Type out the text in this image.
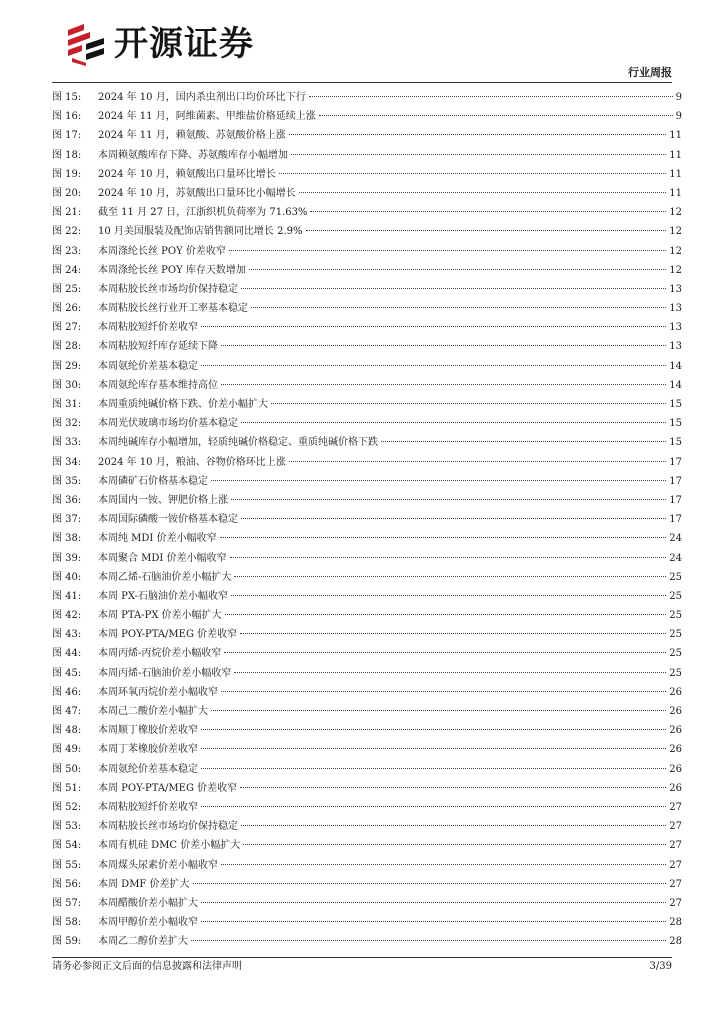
开源证券
行业周报
图 15:	2024 年 10 月，国内杀虫剂出口均价环比下行	9
图 16:	2024 年 11 月，阿维菌素、甲维盐价格延续上涨	9
图 17:	2024 年 11 月，赖氨酸、苏氨酸价格上涨	11
图 18:	本周赖氨酸库存下降、苏氨酸库存小幅增加	11
图 19:	2024 年 10 月，赖氨酸出口量环比增长	11
图 20:	2024 年 10 月，苏氨酸出口量环比小幅增长	11
图 21:	截至 11 月 27 日，江浙织机负荷率为 71.63%	12
图 22:	10 月美国服装及配饰店销售额同比增长 2.9%	12
图 23:	本周涤纶长丝 POY 价差收窄	12
图 24:	本周涤纶长丝 POY 库存天数增加	12
图 25:	本周粘胶长丝市场均价保持稳定	13
图 26:	本周粘胶长丝行业开工率基本稳定	13
图 27:	本周粘胶短纤价差收窄	13
图 28:	本周粘胶短纤库存延续下降	13
图 29:	本周氨纶价差基本稳定	14
图 30:	本周氨纶库存基本维持高位	14
图 31:	本周重质纯碱价格下跌、价差小幅扩大	15
图 32:	本周光伏玻璃市场均价基本稳定	15
图 33:	本周纯碱库存小幅增加，轻质纯碱价格稳定、重质纯碱价格下跌	15
图 34:	2024 年 10 月，粮油、谷物价格环比上涨	17
图 35:	本周磷矿石价格基本稳定	17
图 36:	本周国内一铵、钾肥价格上涨	17
图 37:	本周国际磷酸一铵价格基本稳定	17
图 38:	本周纯 MDI 价差小幅收窄	24
图 39:	本周聚合 MDI 价差小幅收窄	24
图 40:	本周乙烯-石脑油价差小幅扩大	25
图 41:	本周 PX-石脑油价差小幅收窄	25
图 42:	本周 PTA-PX 价差小幅扩大	25
图 43:	本周 POY-PTA/MEG 价差收窄	25
图 44:	本周丙烯-丙烷价差小幅收窄	25
图 45:	本周丙烯-石脑油价差小幅收窄	25
图 46:	本周环氧丙烷价差小幅收窄	26
图 47:	本周己二酸价差小幅扩大	26
图 48:	本周顺丁橡胶价差收窄	26
图 49:	本周丁苯橡胶价差收窄	26
图 50:	本周氨纶价差基本稳定	26
图 51:	本周 POY-PTA/MEG 价差收窄	26
图 52:	本周粘胶短纤价差收窄	27
图 53:	本周粘胶长丝市场均价保持稳定	27
图 54:	本周有机硅 DMC 价差小幅扩大	27
图 55:	本周煤头尿素价差小幅收窄	27
图 56:	本周 DMF 价差扩大	27
图 57:	本周醋酸价差小幅扩大	27
图 58:	本周甲醇价差小幅收窄	28
图 59:	本周乙二醇价差扩大	28
请务必参阅正文后面的信息披露和法律声明	3/39
